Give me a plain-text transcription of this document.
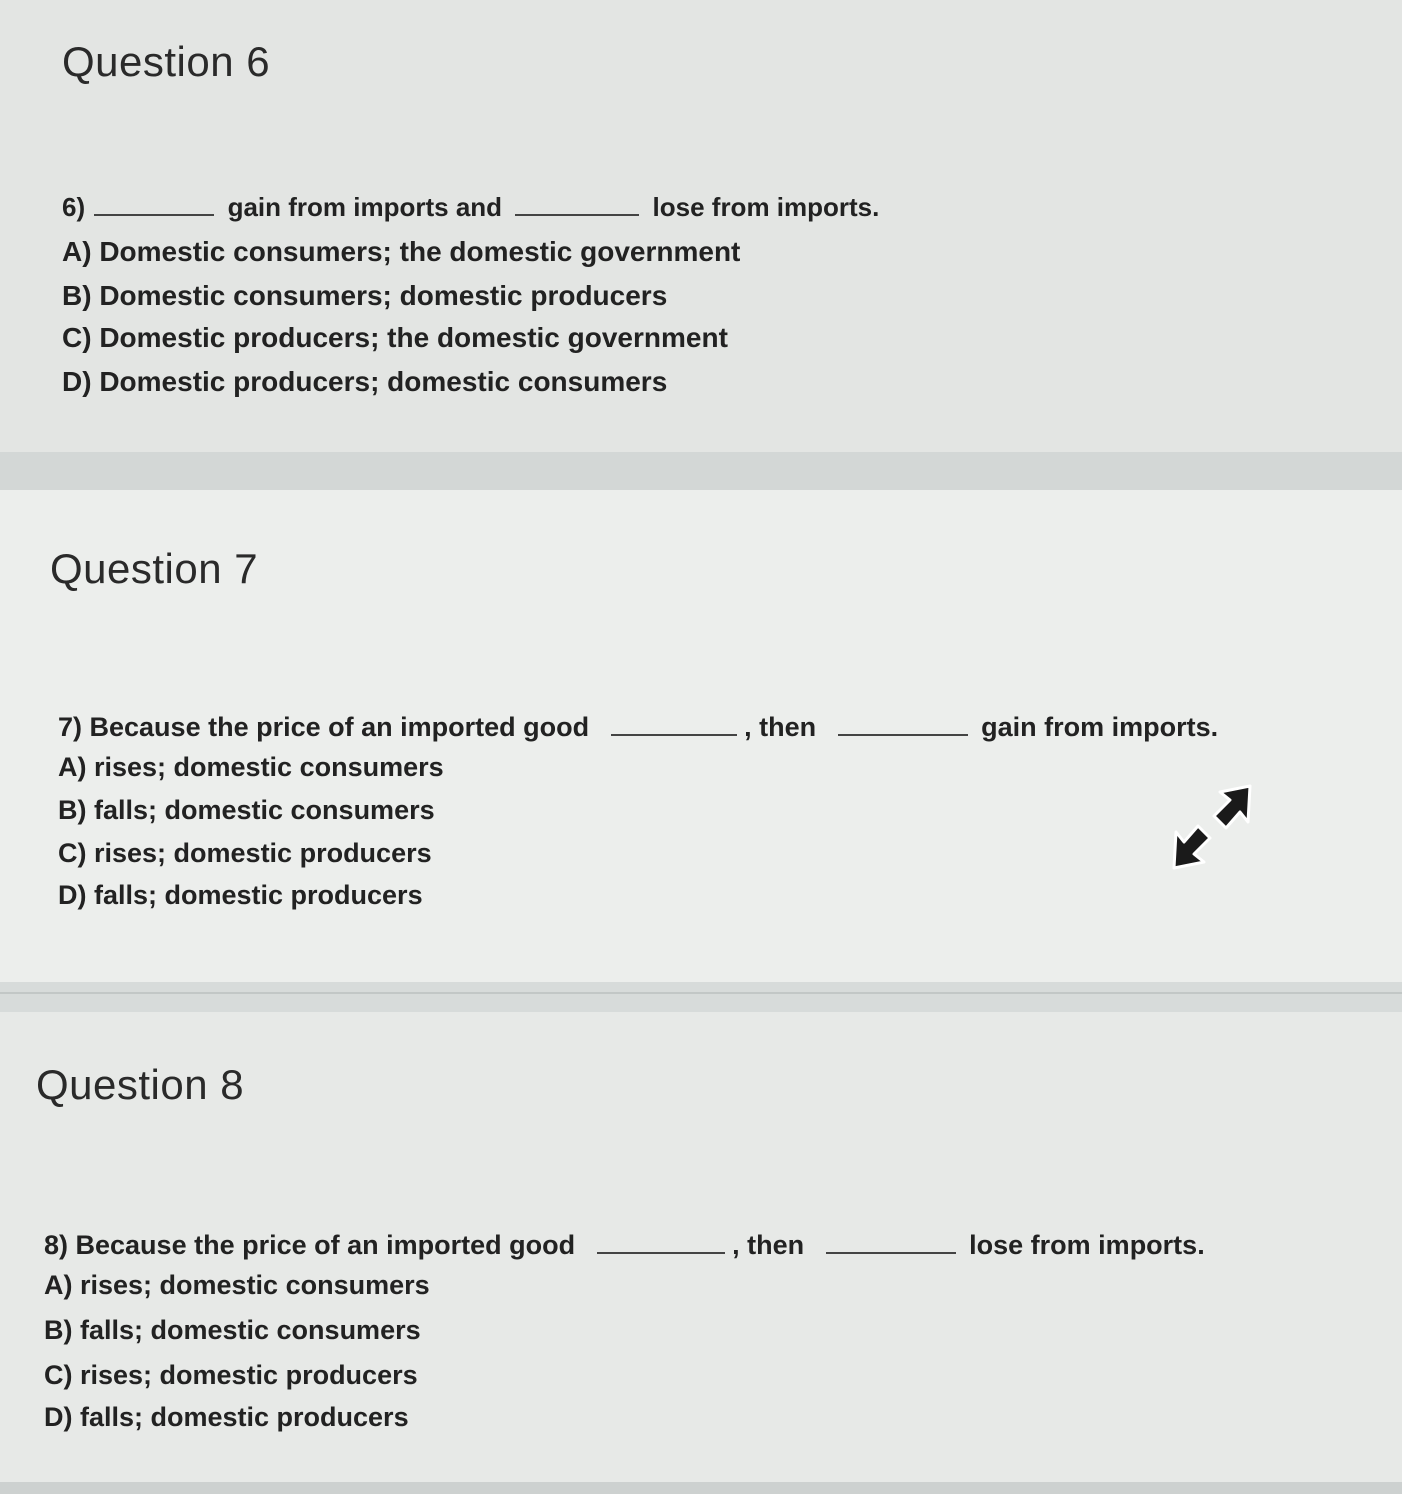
Question 6
6)	gain from imports and	lose from imports.
A) Domestic consumers; the domestic government
B) Domestic consumers; domestic producers
C) Domestic producers; the domestic government
D) Domestic producers; domestic consumers
Question 7
7) Because the price of an imported good	, then	gain from imports.
A) rises; domestic consumers
B) falls; domestic consumers
C) rises; domestic producers
D) falls; domestic producers
Question 8
8) Because the price of an imported good	, then	lose from imports.
A) rises; domestic consumers
B) falls; domestic consumers
C) rises; domestic producers
D) falls; domestic producers
